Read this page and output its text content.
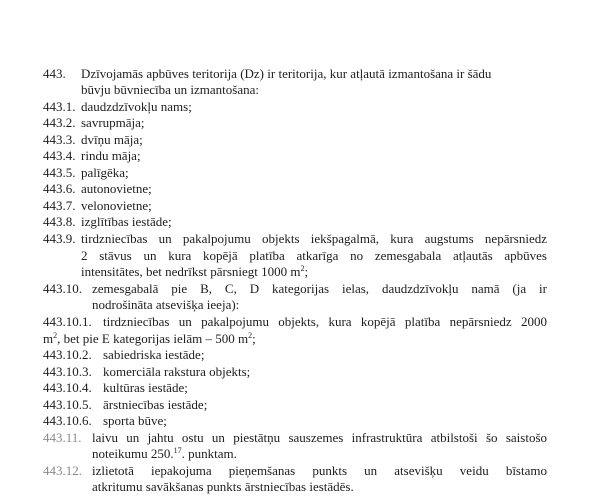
443. Dzīvojamās apbūves teritorija (Dz) ir teritorija, kur atļautā izmantošana ir šādu
būvju būvniecība un izmantošana:
443.1. daudzdzīvokļu nams;
443.2. savrupmāja;
443.3. dvīņu māja;
443.4. rindu māja;
443.5. palīgēka;
443.6. autonovietne;
443.7. velonovietne;
443.8. izglītības iestāde;
443.9. tirdzniecības un pakalpojumu objekts iekšpagalmā, kura augstums nepārsniedz
2 stāvus un kura kopējā platība atkarīga no zemesgabala atļautās apbūves
intensitātes, bet nedrīkst pārsniegt 1000 $m^2$;
443.10. zemesgabalā pie B, C, D kategorijas ielas, daudzdzīvokļu namā (ja ir
nodrošināta atsevišķa ieeja):
443.10.1. tirdzniecības un pakalpojumu objekts, kura kopējā platība nepārsniedz 2000
$m^2$, bet pie E kategorijas ielām – 500 $m^2$;
443.10.2. sabiedriska iestāde;
443.10.3. komerciāla rakstura objekts;
443.10.4. kultūras iestāde;
443.10.5. ārstniecības iestāde;
443.10.6. sporta būve;
443.11. laivu un jahtu ostu un piestātņu sauszemes infrastruktūra atbilstoši šo saistošo
noteikumu 250.17. punktam.
443.12. izlietotā iepakojuma pieņemšanas punkts un atsevišķu veidu bīstamo
atkritumu savākšanas punkts ārstniecības iestādēs.
